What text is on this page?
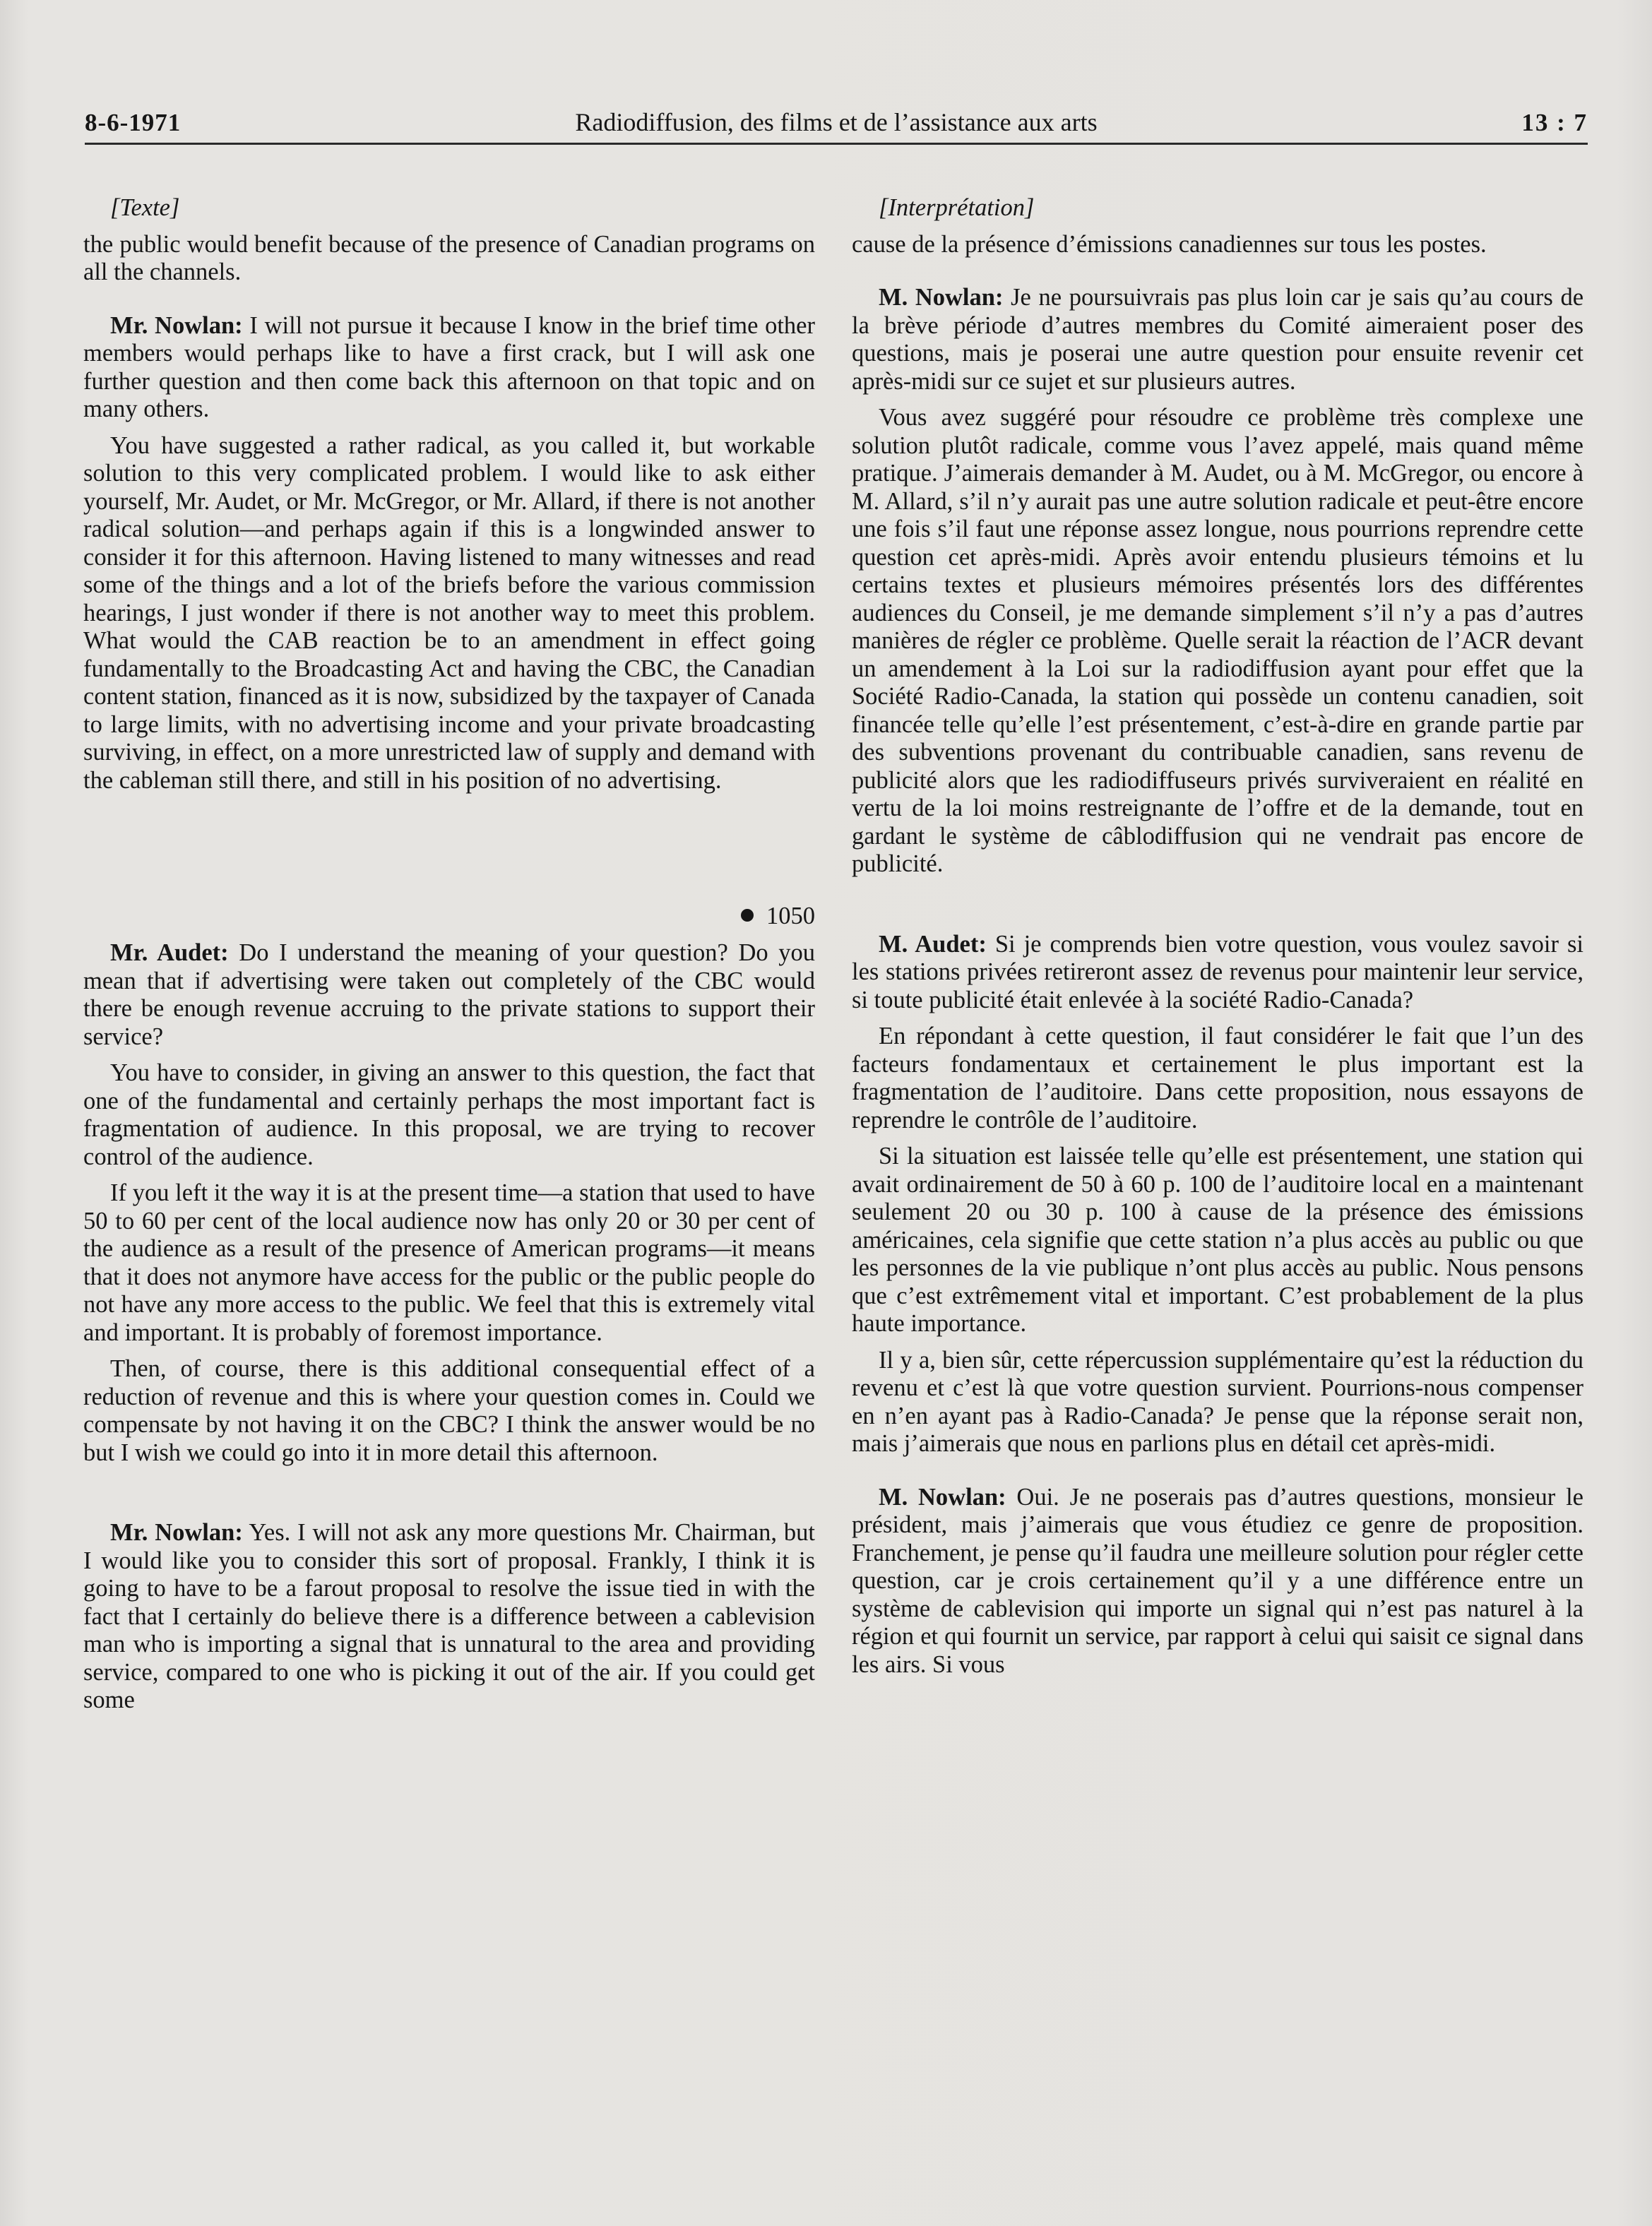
8-6-1971	Radiodiffusion, des films et de l’assistance aux arts	13 : 7

[Texte]

the public would benefit because of the presence of Canadian programs on all the channels.

Mr. Nowlan: I will not pursue it because I know in the brief time other members would perhaps like to have a first crack, but I will ask one further question and then come back this afternoon on that topic and on many others.

You have suggested a rather radical, as you called it, but workable solution to this very complicated problem. I would like to ask either yourself, Mr. Audet, or Mr. McGregor, or Mr. Allard, if there is not another radical solution—and perhaps again if this is a longwinded answer to consider it for this afternoon. Having listened to many witnesses and read some of the things and a lot of the briefs before the various commission hearings, I just wonder if there is not another way to meet this problem. What would the CAB reaction be to an amendment in effect going fundamentally to the Broadcasting Act and having the CBC, the Canadian content station, financed as it is now, subsidized by the taxpayer of Canada to large limits, with no advertising income and your private broadcasting surviving, in effect, on a more unrestricted law of supply and demand with the cableman still there, and still in his position of no advertising.

1050

Mr. Audet: Do I understand the meaning of your question? Do you mean that if advertising were taken out completely of the CBC would there be enough revenue accruing to the private stations to support their service?

You have to consider, in giving an answer to this question, the fact that one of the fundamental and certainly perhaps the most important fact is fragmentation of audience. In this proposal, we are trying to recover control of the audience.

If you left it the way it is at the present time—a station that used to have 50 to 60 per cent of the local audience now has only 20 or 30 per cent of the audience as a result of the presence of American programs—it means that it does not anymore have access for the public or the public people do not have any more access to the public. We feel that this is extremely vital and important. It is probably of foremost importance.

Then, of course, there is this additional consequential effect of a reduction of revenue and this is where your question comes in. Could we compensate by not having it on the CBC? I think the answer would be no but I wish we could go into it in more detail this afternoon.

Mr. Nowlan: Yes. I will not ask any more questions Mr. Chairman, but I would like you to consider this sort of proposal. Frankly, I think it is going to have to be a farout proposal to resolve the issue tied in with the fact that I certainly do believe there is a difference between a cablevision man who is importing a signal that is unnatural to the area and providing service, compared to one who is picking it out of the air. If you could get some

[Interprétation]

cause de la présence d’émissions canadiennes sur tous les postes.

M. Nowlan: Je ne poursuivrais pas plus loin car je sais qu’au cours de la brève période d’autres membres du Comité aimeraient poser des questions, mais je poserai une autre question pour ensuite revenir cet après-midi sur ce sujet et sur plusieurs autres.

Vous avez suggéré pour résoudre ce problème très complexe une solution plutôt radicale, comme vous l’avez appelé, mais quand même pratique. J’aimerais demander à M. Audet, ou à M. McGregor, ou encore à M. Allard, s’il n’y aurait pas une autre solution radicale et peut-être encore une fois s’il faut une réponse assez longue, nous pourrions reprendre cette question cet après-midi. Après avoir entendu plusieurs témoins et lu certains textes et plusieurs mémoires présentés lors des différentes audiences du Conseil, je me demande simplement s’il n’y a pas d’autres manières de régler ce problème. Quelle serait la réaction de l’ACR devant un amendement à la Loi sur la radiodiffusion ayant pour effet que la Société Radio-Canada, la station qui possède un contenu canadien, soit financée telle qu’elle l’est présentement, c’est-à-dire en grande partie par des subventions provenant du contribuable canadien, sans revenu de publicité alors que les radiodiffuseurs privés surviveraient en réalité en vertu de la loi moins restreignante de l’offre et de la demande, tout en gardant le système de câblodiffusion qui ne vendrait pas encore de publicité.

M. Audet: Si je comprends bien votre question, vous voulez savoir si les stations privées retireront assez de revenus pour maintenir leur service, si toute publicité était enlevée à la société Radio-Canada?

En répondant à cette question, il faut considérer le fait que l’un des facteurs fondamentaux et certainement le plus important est la fragmentation de l’auditoire. Dans cette proposition, nous essayons de reprendre le contrôle de l’auditoire.

Si la situation est laissée telle qu’elle est présentement, une station qui avait ordinairement de 50 à 60 p. 100 de l’auditoire local en a maintenant seulement 20 ou 30 p. 100 à cause de la présence des émissions américaines, cela signifie que cette station n’a plus accès au public ou que les personnes de la vie publique n’ont plus accès au public. Nous pensons que c’est extrêmement vital et important. C’est probablement de la plus haute importance.

Il y a, bien sûr, cette répercussion supplémentaire qu’est la réduction du revenu et c’est là que votre question survient. Pourrions-nous compenser en n’en ayant pas à Radio-Canada? Je pense que la réponse serait non, mais j’aimerais que nous en parlions plus en détail cet après-midi.

M. Nowlan: Oui. Je ne poserais pas d’autres questions, monsieur le président, mais j’aimerais que vous étudiez ce genre de proposition. Franchement, je pense qu’il faudra une meilleure solution pour régler cette question, car je crois certainement qu’il y a une différence entre un système de cablevision qui importe un signal qui n’est pas naturel à la région et qui fournit un service, par rapport à celui qui saisit ce signal dans les airs. Si vous
